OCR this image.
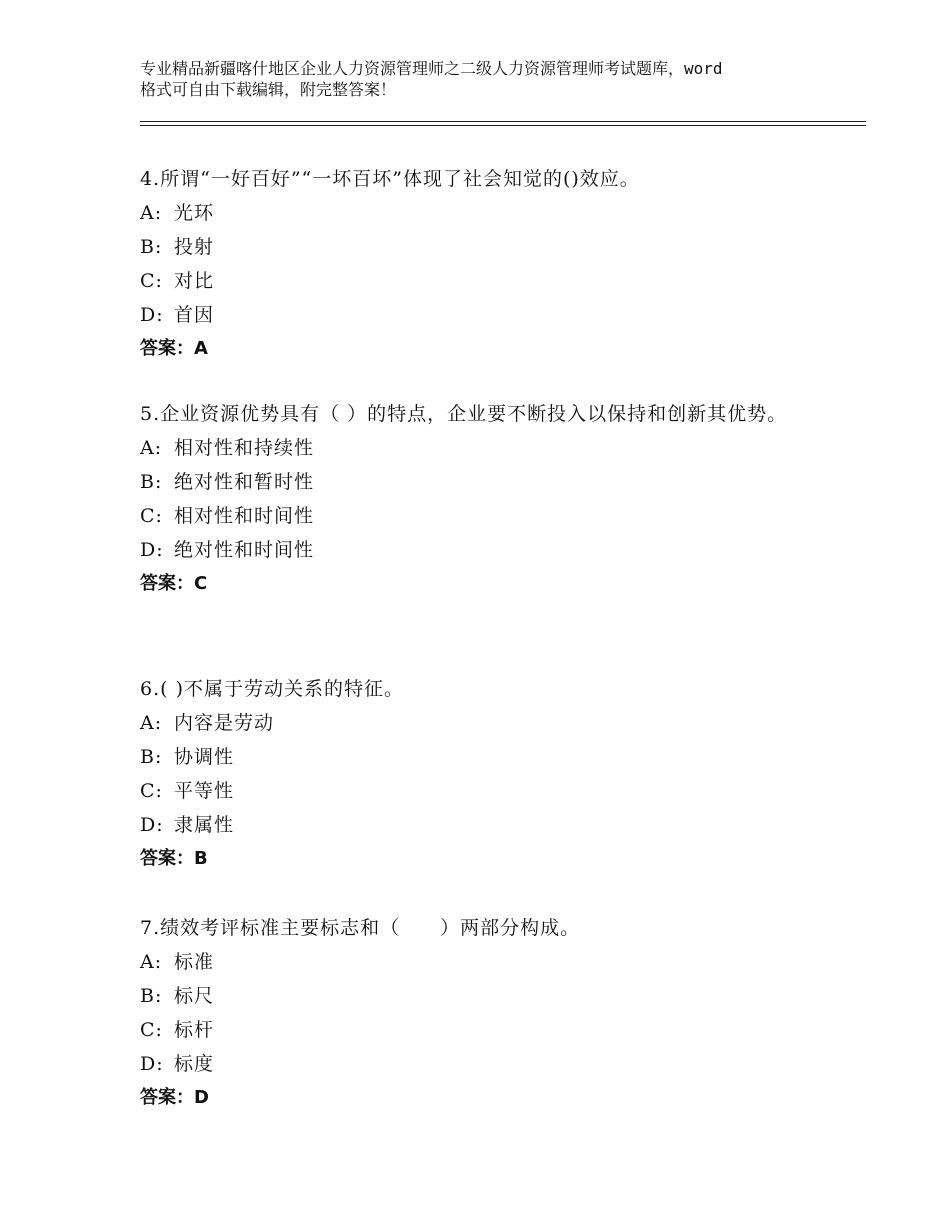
专业精品新疆喀什地区企业人力资源管理师之二级人力资源管理师考试题库，word
格式可自由下载编辑，附完整答案！

4.所谓“一好百好”“一坏百坏”体现了社会知觉的()效应。

A: 光环

B: 投射

C: 对比

D: 首因

答案：A

5.企业资源优势具有（ ）的特点，企业要不断投入以保持和创新其优势。

A: 相对性和持续性

B: 绝对性和暂时性

C: 相对性和时间性

D: 绝对性和时间性

答案：C

6.( )不属于劳动关系的特征。

A: 内容是劳动

B: 协调性

C: 平等性

D: 隶属性

答案：B

7.绩效考评标准主要标志和（　　）两部分构成。

A: 标准

B: 标尺

C: 标杆

D: 标度

答案：D
